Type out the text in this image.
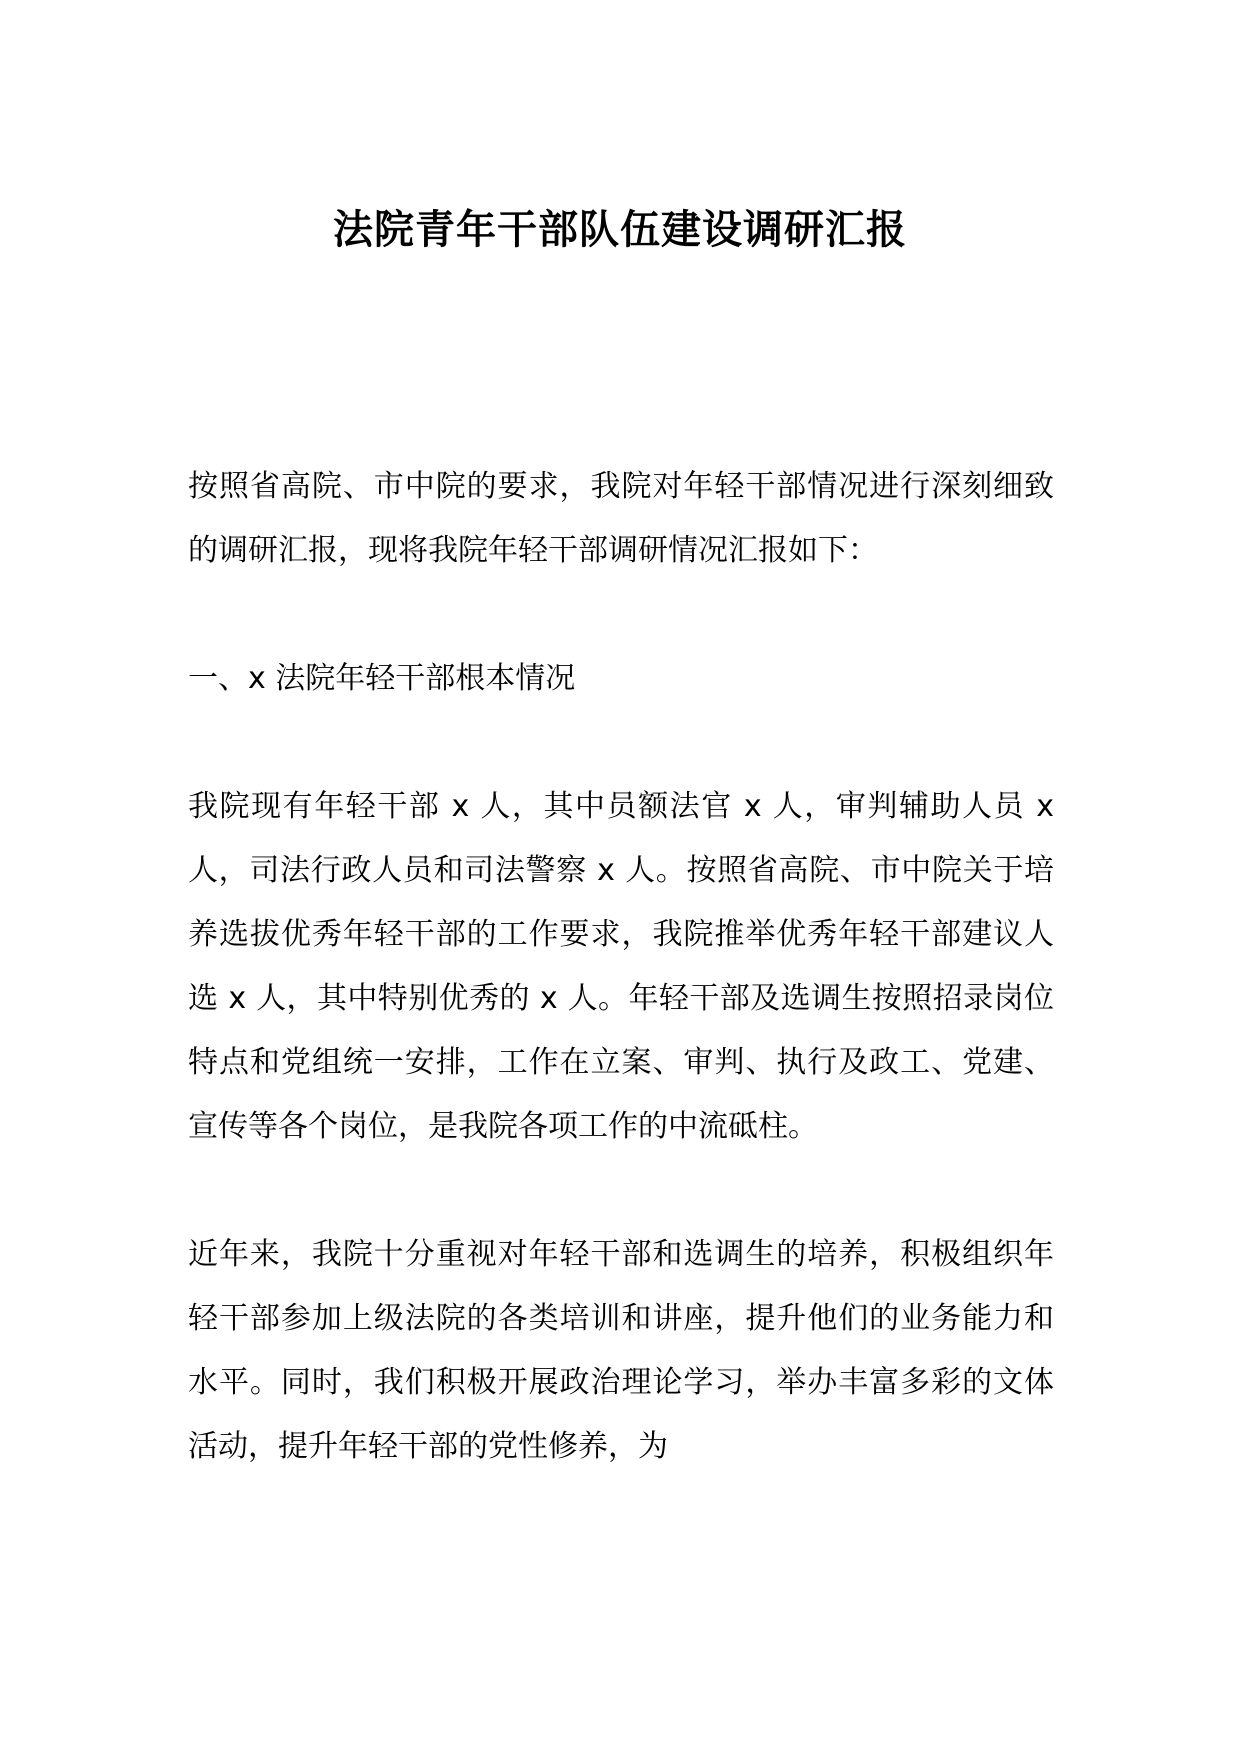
法院青年干部队伍建设调研汇报

按照省高院、市中院的要求，我院对年轻干部情况进行深刻细致的调研汇报，现将我院年轻干部调研情况汇报如下：

一、x 法院年轻干部根本情况

我院现有年轻干部 x 人，其中员额法官 x 人，审判辅助人员 x 人，司法行政人员和司法警察 x 人。按照省高院、市中院关于培养选拔优秀年轻干部的工作要求，我院推举优秀年轻干部建议人选 x 人，其中特别优秀的 x 人。年轻干部及选调生按照招录岗位特点和党组统一安排，工作在立案、审判、执行及政工、党建、宣传等各个岗位，是我院各项工作的中流砥柱。

近年来，我院十分重视对年轻干部和选调生的培养，积极组织年轻干部参加上级法院的各类培训和讲座，提升他们的业务能力和水平。同时，我们积极开展政治理论学习，举办丰富多彩的文体活动，提升年轻干部的党性修养，为
